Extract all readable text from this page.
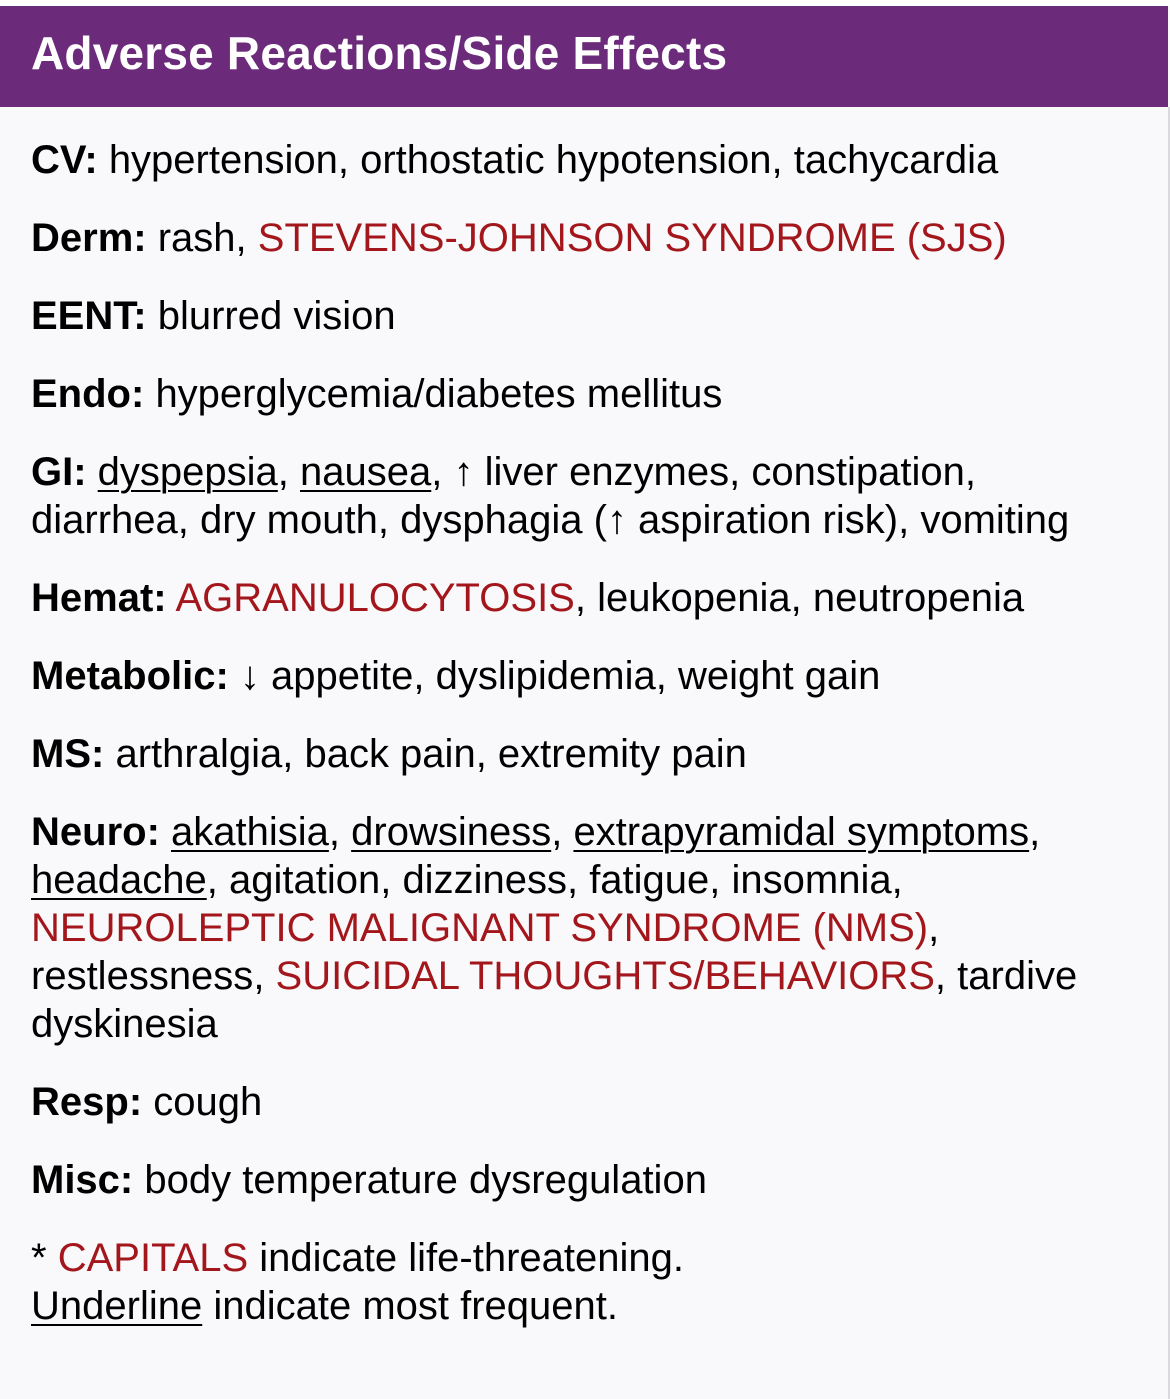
Adverse Reactions/Side Effects
CV: hypertension, orthostatic hypotension, tachycardia
Derm: rash, STEVENS-JOHNSON SYNDROME (SJS)
EENT: blurred vision
Endo: hyperglycemia/diabetes mellitus
GI: dyspepsia, nausea, ↑ liver enzymes, constipation, diarrhea, dry mouth, dysphagia (↑ aspiration risk), vomiting
Hemat: AGRANULOCYTOSIS, leukopenia, neutropenia
Metabolic: ↓ appetite, dyslipidemia, weight gain
MS: arthralgia, back pain, extremity pain
Neuro: akathisia, drowsiness, extrapyramidal symptoms, headache, agitation, dizziness, fatigue, insomnia, NEUROLEPTIC MALIGNANT SYNDROME (NMS), restlessness, SUICIDAL THOUGHTS/BEHAVIORS, tardive dyskinesia
Resp: cough
Misc: body temperature dysregulation
* CAPITALS indicate life-threatening.
Underline indicate most frequent.
